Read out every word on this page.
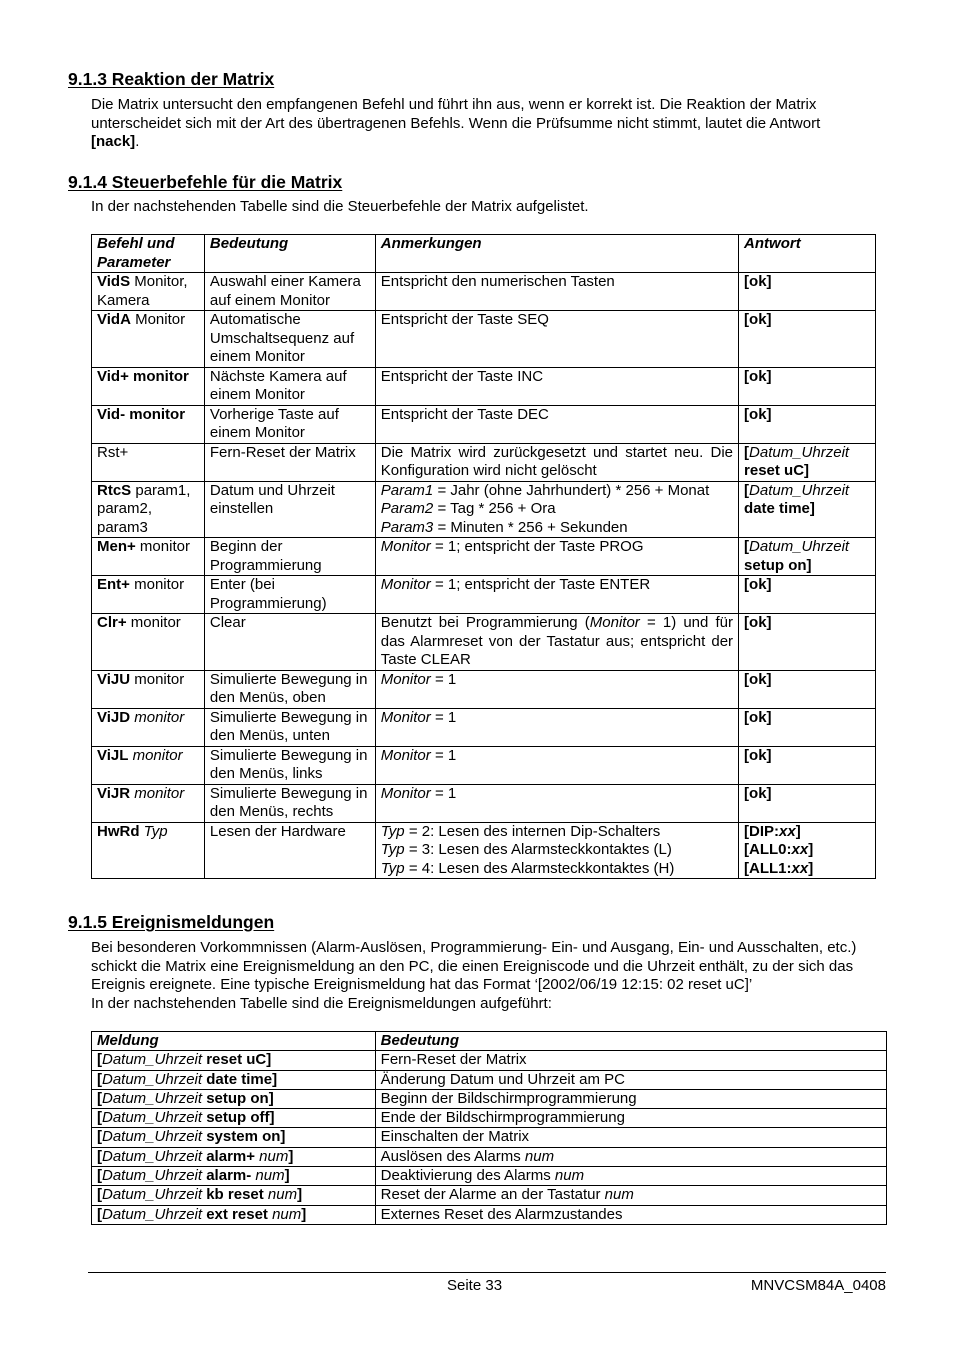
9.1.3 Reaktion der Matrix

Die Matrix untersucht den empfangenen Befehl und führt ihn aus, wenn er korrekt ist. Die Reaktion der Matrix unterscheidet sich mit der Art des übertragenen Befehls. Wenn die Prüfsumme nicht stimmt, lautet die Antwort
[nack].

9.1.4 Steuerbefehle für die Matrix

In der nachstehenden Tabelle sind die Steuerbefehle der Matrix aufgelistet.

Befehl und
Parameter	Bedeutung	Anmerkungen	Antwort
VidS Monitor, Kamera	Auswahl einer Kamera auf einem Monitor	Entspricht den numerischen Tasten	[ok]
VidA Monitor	Automatische Umschaltsequenz auf einem Monitor	Entspricht der Taste SEQ	[ok]
Vid+ monitor	Nächste Kamera auf einem Monitor	Entspricht der Taste INC	[ok]
Vid- monitor	Vorherige Taste auf einem Monitor	Entspricht der Taste DEC	[ok]
Rst+	Fern-Reset der Matrix	Die Matrix wird zurückgesetzt und startet neu. Die Konfiguration wird nicht gelöscht	[Datum_Uhrzeit
reset uC]
RtcS param1, param2, param3	Datum und Uhrzeit einstellen	Param1 = Jahr (ohne Jahrhundert) * 256 + Monat
Param2 = Tag * 256 + Ora
Param3 = Minuten * 256 + Sekunden	[Datum_Uhrzeit
date time]
Men+ monitor	Beginn der Programmierung	Monitor = 1; entspricht der Taste PROG	[Datum_Uhrzeit
setup on]
Ent+ monitor	Enter (bei Programmierung)	Monitor = 1; entspricht der Taste ENTER	[ok]
Clr+ monitor	Clear	Benutzt bei Programmierung (Monitor = 1) und für das Alarmreset von der Tastatur aus; entspricht der Taste CLEAR	[ok]
ViJU monitor	Simulierte Bewegung in den Menüs, oben	Monitor = 1	[ok]
ViJD monitor	Simulierte Bewegung in den Menüs, unten	Monitor = 1	[ok]
ViJL monitor	Simulierte Bewegung in den Menüs, links	Monitor = 1	[ok]
ViJR monitor	Simulierte Bewegung in den Menüs, rechts	Monitor = 1	[ok]
HwRd Typ	Lesen der Hardware	Typ = 2: Lesen des internen Dip-Schalters
Typ = 3: Lesen des Alarmsteckkontaktes (L)
Typ = 4: Lesen des Alarmsteckkontaktes (H)	[DIP:xx]
[ALL0:xx]
[ALL1:xx]
9.1.5 Ereignismeldungen

Bei besonderen Vorkommnissen (Alarm-Auslösen, Programmierung- Ein- und Ausgang, Ein- und Ausschalten, etc.) schickt die Matrix eine Ereignismeldung an den PC, die einen Ereigniscode und die Uhrzeit enthält, zu der sich das Ereignis ereignete. Eine typische Ereignismeldung hat das Format ‘[2002/06/19 12:15: 02 reset uC]’
In der nachstehenden Tabelle sind die Ereignismeldungen aufgeführt:

Meldung	Bedeutung
[Datum_Uhrzeit reset uC]	Fern-Reset der Matrix
[Datum_Uhrzeit date time]	Änderung Datum und Uhrzeit am PC
[Datum_Uhrzeit setup on]	Beginn der Bildschirmprogrammierung
[Datum_Uhrzeit setup off]	Ende der Bildschirmprogrammierung
[Datum_Uhrzeit system on]	Einschalten der Matrix
[Datum_Uhrzeit alarm+ num]	Auslösen des Alarms num
[Datum_Uhrzeit alarm- num]	Deaktivierung des Alarms num
[Datum_Uhrzeit kb reset num]	Reset der Alarme an der Tastatur num
[Datum_Uhrzeit ext reset num]	Externes Reset des Alarmzustandes
Seite 33	MNVCSM84A_0408
